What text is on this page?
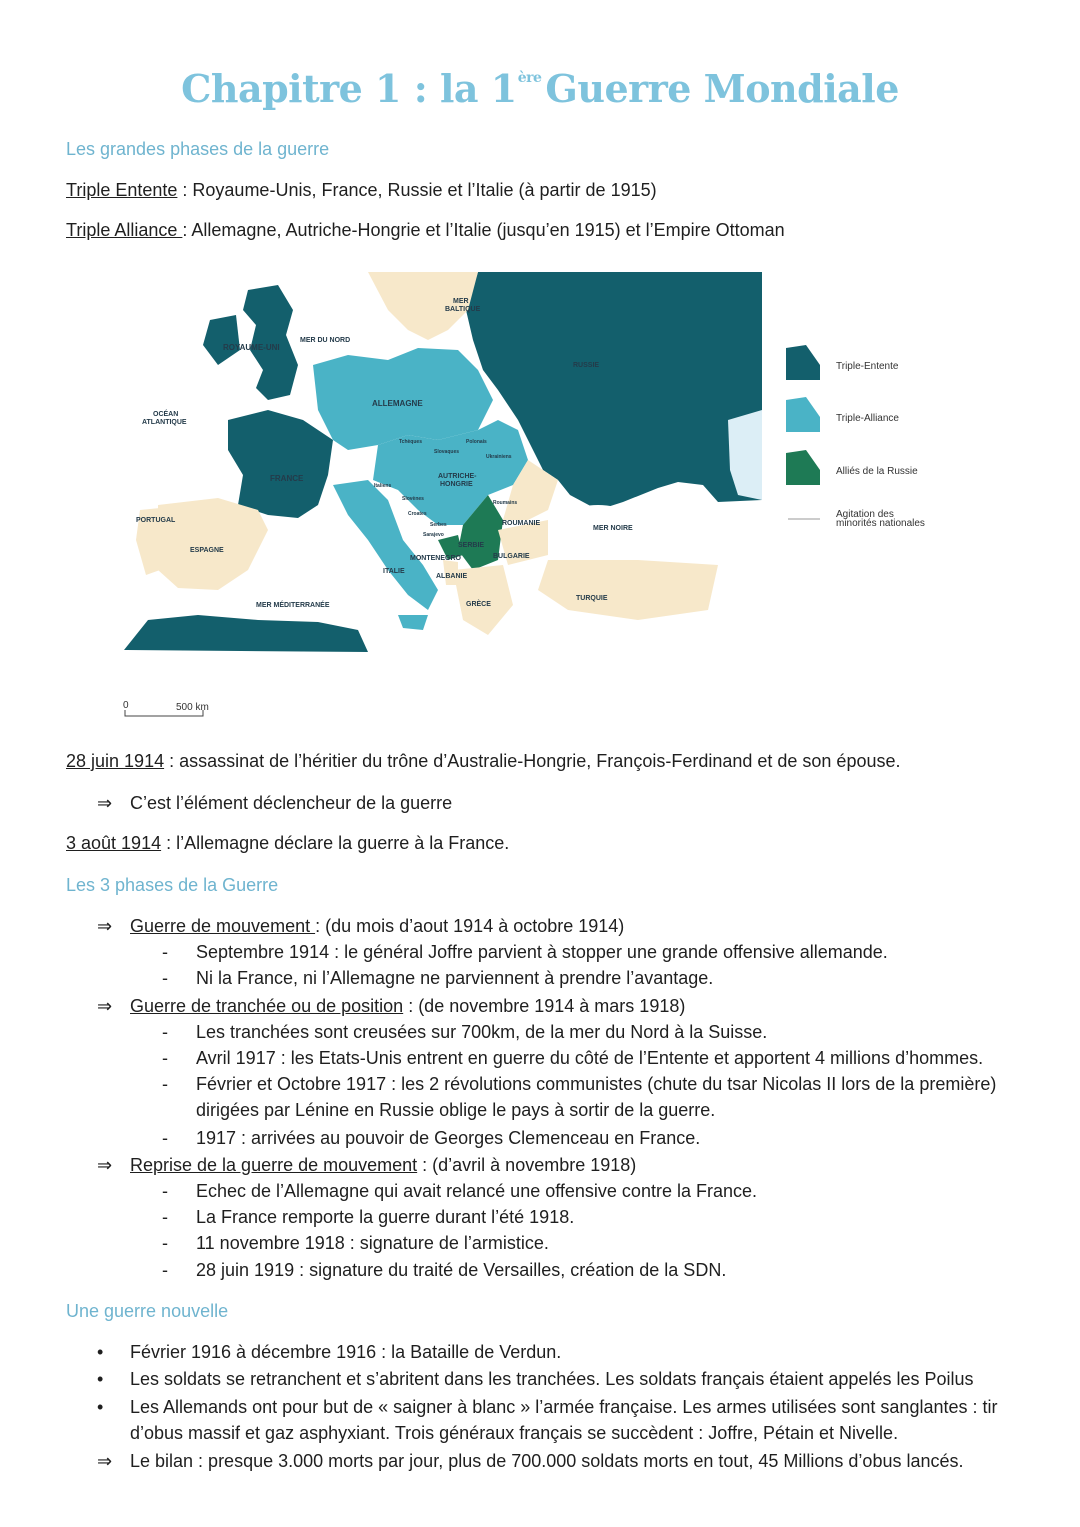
Chapitre 1 : la 1ère Guerre Mondiale
Les grandes phases de la guerre
Triple Entente : Royaume-Unis, France, Russie et l’Italie (à partir de 1915)
Triple Alliance : Allemagne, Autriche-Hongrie et l’Italie (jusqu’en 1915) et l’Empire Ottoman
ROYAUME-UNI
MER DU NORD
MER
BALTIQUE
RUSSIE
OCÉAN
ATLANTIQUE
ALLEMAGNE
FRANCE	AUTRICHE-
HONGRIE
PORTUGAL
ESPAGNE
ROUMANIE
MER NOIRE
SERBIE
MONTENEGRO	BULGARIE
ITALIE
ALBANIE
GRÈCE
TURQUIE
MER MÉDITERRANÉE
Tchèques	Polonais
Slovaques
Ukrainiens
Italiens
Roumains
Slovènes
Croates
Serbes
Sarajevo
Triple-Entente
Triple-Alliance
Alliés de la Russie
Agitation des
minorités nationales
0	500 km
28 juin 1914 : assassinat de l’héritier du trône d’Australie-Hongrie, François-Ferdinand et de son épouse.
⇒ C’est l’élément déclencheur de la guerre
3 août 1914 : l’Allemagne déclare la guerre à la France.
Les 3 phases de la Guerre
⇒ Guerre de mouvement : (du mois d’aout 1914 à octobre 1914)
- Septembre 1914 : le général Joffre parvient à stopper une grande offensive allemande.
- Ni la France, ni l’Allemagne ne parviennent à prendre l’avantage.
⇒ Guerre de tranchée ou de position : (de novembre 1914 à mars 1918)
- Les tranchées sont creusées sur 700km, de la mer du Nord à la Suisse.
- Avril 1917 : les Etats-Unis entrent en guerre du côté de l’Entente et apportent 4 millions d’hommes.
- Février et Octobre 1917 : les 2 révolutions communistes (chute du tsar Nicolas II lors de la première)
dirigées par Lénine en Russie oblige le pays à sortir de la guerre.
- 1917 : arrivées au pouvoir de Georges Clemenceau en France.
⇒ Reprise de la guerre de mouvement : (d’avril à novembre 1918)
- Echec de l’Allemagne qui avait relancé une offensive contre la France.
- La France remporte la guerre durant l’été 1918.
- 11 novembre 1918 : signature de l’armistice.
- 28 juin 1919 : signature du traité de Versailles, création de la SDN.
Une guerre nouvelle
• Février 1916 à décembre 1916 : la Bataille de Verdun.
• Les soldats se retranchent et s’abritent dans les tranchées. Les soldats français étaient appelés les Poilus
• Les Allemands ont pour but de « saigner à blanc » l’armée française. Les armes utilisées sont sanglantes : tir
d’obus massif et gaz asphyxiant. Trois généraux français se succèdent : Joffre, Pétain et Nivelle.
⇒ Le bilan : presque 3.000 morts par jour, plus de 700.000 soldats morts en tout, 45 Millions d’obus lancés.
